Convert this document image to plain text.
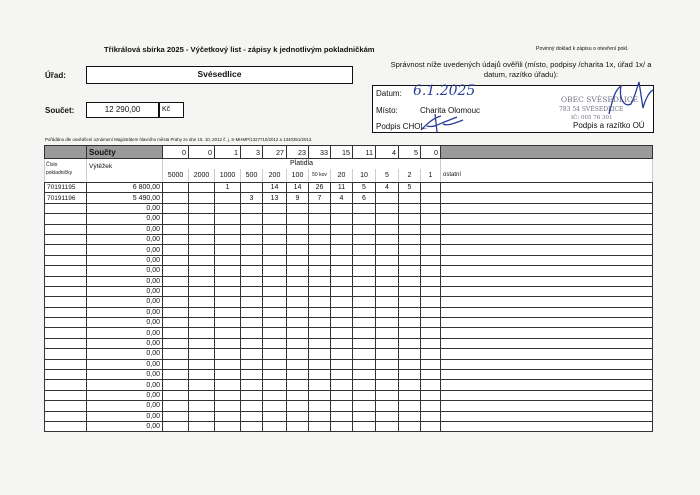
Tříkrálová sbírka 2025 - Výčetkový list - zápisy k jednotlivým pokladničkám	Povinný doklad k zápisu o otevření pokl.
Úřad:	Svésedlice
Součet:	12 290,00	Kč
Správnost níže uvedených údajů ověřili (místo, podpisy /charita 1x, úřad 1x/ a datum, razítko úřadu):
Datum: 6.1.2025
Místo:	Charita Olomouc
Podpis CHOL:
OBEC SVÉSEDLICE
783 54 SVÉSEDLICE
IČ: 005 76 301
Podpis a razítko OÚ
Pořádáno dle osvědčení oznámení Magistrátem hlavního města Prahy ze dne 15. 10. 2012 č. j. S-MHMP/1327710/2012 a 1340351/2012.
	Součty	0	0	1	3	27	23	33	15	11	4	5	0	

Číslo pokladničky	Výtěžek	Platidla												
		5000	2000	1000	500	200	100	50 kov	20	10	5	2	1	ostatní
70191195	6 800,00			1		14	14	26	11	5	4	5		
70191196	5 490,00				3	13	9	7	4	6				
	0,00													
	0,00													
	0,00													
	0,00													
	0,00													
	0,00													
	0,00													
	0,00													
	0,00													
	0,00													
	0,00													
	0,00													
	0,00													
	0,00													
	0,00													
	0,00													
	0,00													
	0,00													
	0,00													
	0,00													
	0,00													
	0,00													
